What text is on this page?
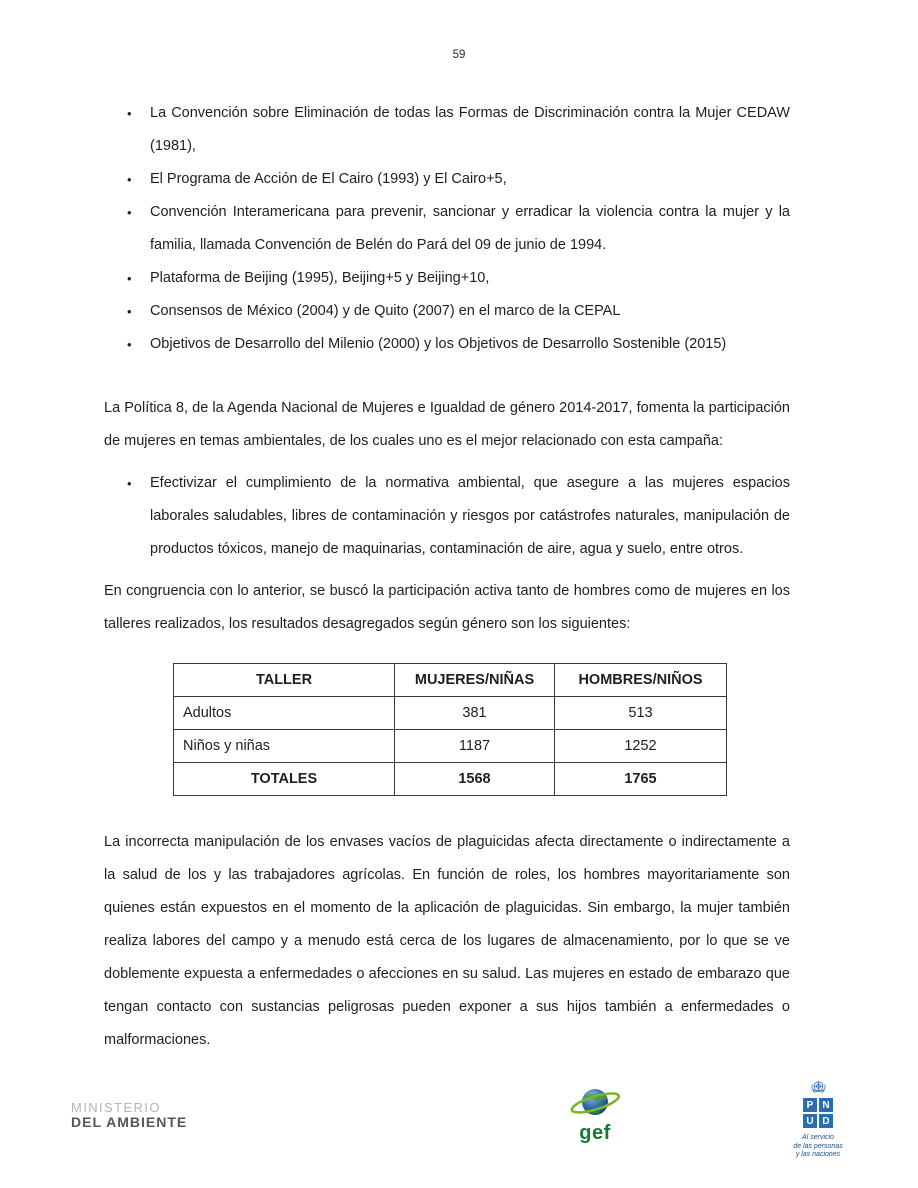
59
• La Convención sobre Eliminación de todas las Formas de Discriminación contra la Mujer CEDAW (1981),
• El Programa de Acción de El Cairo (1993) y El Cairo+5,
• Convención Interamericana para prevenir, sancionar y erradicar la violencia contra la mujer y la familia, llamada Convención de Belén do Pará del 09 de junio de 1994.
• Plataforma de Beijing (1995), Beijing+5 y Beijing+10,
• Consensos de México (2004) y de Quito (2007) en el marco de la CEPAL
• Objetivos de Desarrollo del Milenio (2000) y los Objetivos de Desarrollo Sostenible (2015)

La Política 8, de la Agenda Nacional de Mujeres e Igualdad de género 2014-2017, fomenta la participación de mujeres en temas ambientales, de los cuales uno es el mejor relacionado con esta campaña:

• Efectivizar el cumplimiento de la normativa ambiental, que asegure a las mujeres espacios laborales saludables, libres de contaminación y riesgos por catástrofes naturales, manipulación de productos tóxicos, manejo de maquinarias, contaminación de aire, agua y suelo, entre otros.

En congruencia con lo anterior, se buscó la participación activa tanto de hombres como de mujeres en los talleres realizados, los resultados desagregados según género son los siguientes:

TALLER	MUJERES/NIÑAS	HOMBRES/NIÑOS
Adultos	381	513
Niños y niñas	1187	1252
TOTALES	1568	1765

La incorrecta manipulación de los envases vacíos de plaguicidas afecta directamente o indirectamente a la salud de los y las trabajadores agrícolas. En función de roles, los hombres mayoritariamente son quienes están expuestos en el momento de la aplicación de plaguicidas. Sin embargo, la mujer también realiza labores del campo y a menudo está cerca de los lugares de almacenamiento, por lo que se ve doblemente expuesta a enfermedades o afecciones en su salud. Las mujeres en estado de embarazo que tengan contacto con sustancias peligrosas pueden exponer a sus hijos también a enfermedades o malformaciones.

MINISTERIO
DEL AMBIENTE	gef
P N
U D
Al servicio
de las personas
y las naciones
